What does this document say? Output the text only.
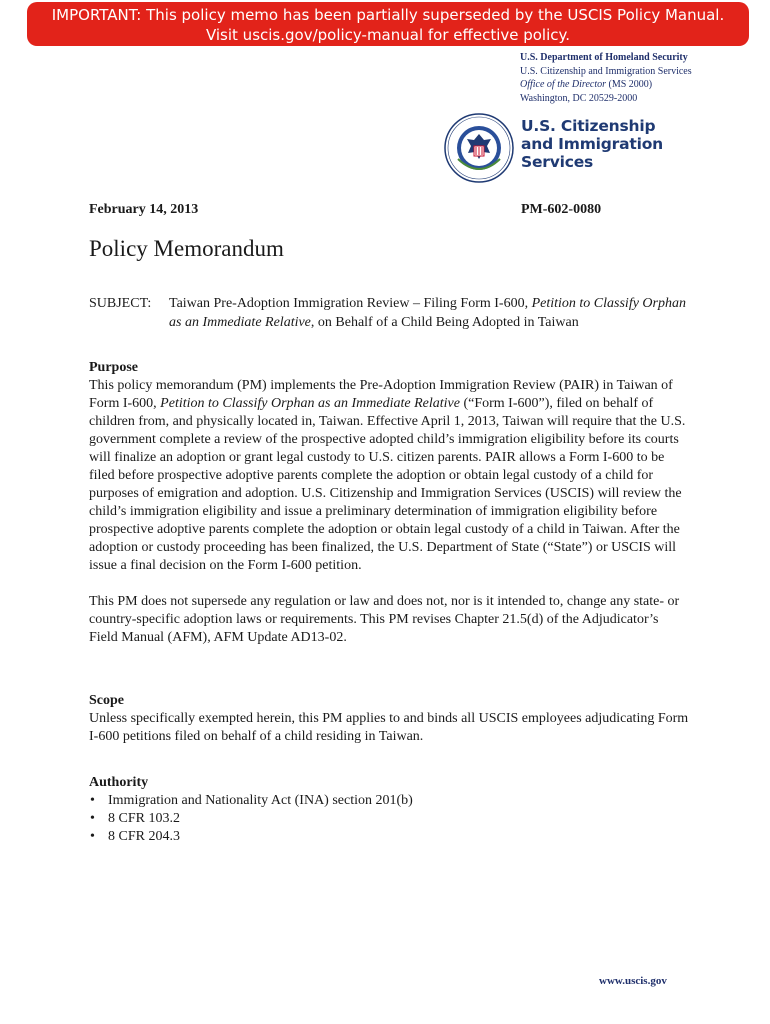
IMPORTANT: This policy memo has been partially superseded by the USCIS Policy Manual.
Visit uscis.gov/policy-manual for effective policy.
U.S. Department of Homeland Security
U.S. Citizenship and Immigration Services
Office of the Director (MS 2000)
Washington, DC 20529-2000
U.S. Citizenship
and Immigration
Services
February 14, 2013	PM-602-0080
Policy Memorandum
SUBJECT: Taiwan Pre-Adoption Immigration Review – Filing Form I-600, Petition to Classify Orphan as an Immediate Relative, on Behalf of a Child Being Adopted in Taiwan
Purpose

This policy memorandum (PM) implements the Pre-Adoption Immigration Review (PAIR) in Taiwan of Form I-600, Petition to Classify Orphan as an Immediate Relative (“Form I-600”), filed on behalf of children from, and physically located in, Taiwan. Effective April 1, 2013, Taiwan will require that the U.S. government complete a review of the prospective adopted child’s immigration eligibility before its courts will finalize an adoption or grant legal custody to U.S. citizen parents. PAIR allows a Form I-600 to be filed before prospective adoptive parents complete the adoption or obtain legal custody of a child for purposes of emigration and adoption. U.S. Citizenship and Immigration Services (USCIS) will review the child’s immigration eligibility and issue a preliminary determination of immigration eligibility before prospective adoptive parents complete the adoption or obtain legal custody of a child in Taiwan. After the adoption or custody proceeding has been finalized, the U.S. Department of State (“State”) or USCIS will issue a final decision on the Form I-600 petition.

This PM does not supersede any regulation or law and does not, nor is it intended to, change any state- or country-specific adoption laws or requirements. This PM revises Chapter 21.5(d) of the Adjudicator’s Field Manual (AFM), AFM Update AD13-02.

Scope

Unless specifically exempted herein, this PM applies to and binds all USCIS employees adjudicating Form I-600 petitions filed on behalf of a child residing in Taiwan.

Authority
• Immigration and Nationality Act (INA) section 201(b)
• 8 CFR 103.2
• 8 CFR 204.3
www.uscis.gov
